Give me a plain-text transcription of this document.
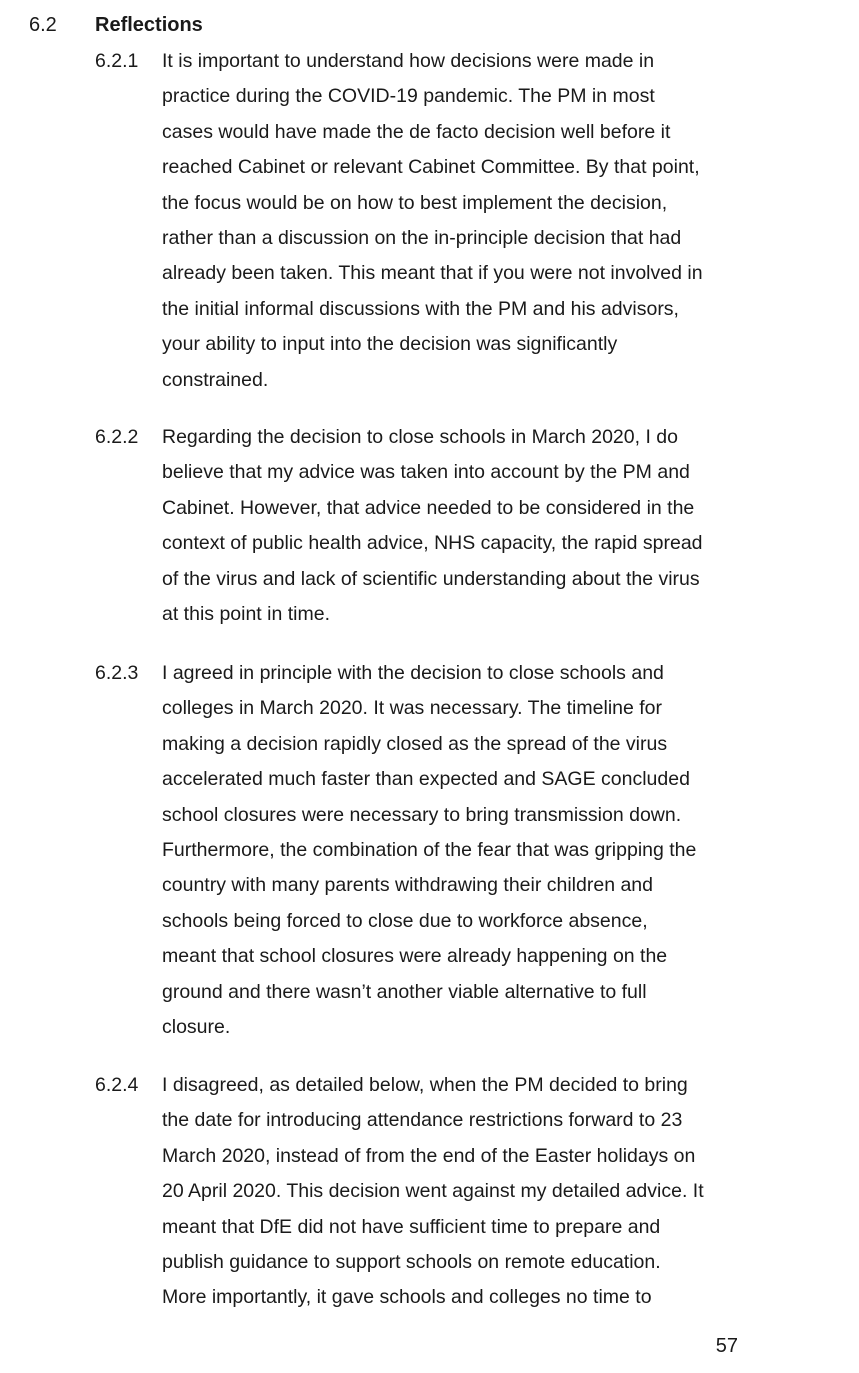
6.2 Reflections
6.2.1 It is important to understand how decisions were made in
practice during the COVID-19 pandemic. The PM in most
cases would have made the de facto decision well before it
reached Cabinet or relevant Cabinet Committee. By that point,
the focus would be on how to best implement the decision,
rather than a discussion on the in-principle decision that had
already been taken. This meant that if you were not involved in
the initial informal discussions with the PM and his advisors,
your ability to input into the decision was significantly
constrained.
6.2.2 Regarding the decision to close schools in March 2020, I do
believe that my advice was taken into account by the PM and
Cabinet. However, that advice needed to be considered in the
context of public health advice, NHS capacity, the rapid spread
of the virus and lack of scientific understanding about the virus
at this point in time.
6.2.3 I agreed in principle with the decision to close schools and
colleges in March 2020. It was necessary. The timeline for
making a decision rapidly closed as the spread of the virus
accelerated much faster than expected and SAGE concluded
school closures were necessary to bring transmission down.
Furthermore, the combination of the fear that was gripping the
country with many parents withdrawing their children and
schools being forced to close due to workforce absence,
meant that school closures were already happening on the
ground and there wasn’t another viable alternative to full
closure.
6.2.4 I disagreed, as detailed below, when the PM decided to bring
the date for introducing attendance restrictions forward to 23
March 2020, instead of from the end of the Easter holidays on
20 April 2020. This decision went against my detailed advice. It
meant that DfE did not have sufficient time to prepare and
publish guidance to support schools on remote education.
More importantly, it gave schools and colleges no time to
57
